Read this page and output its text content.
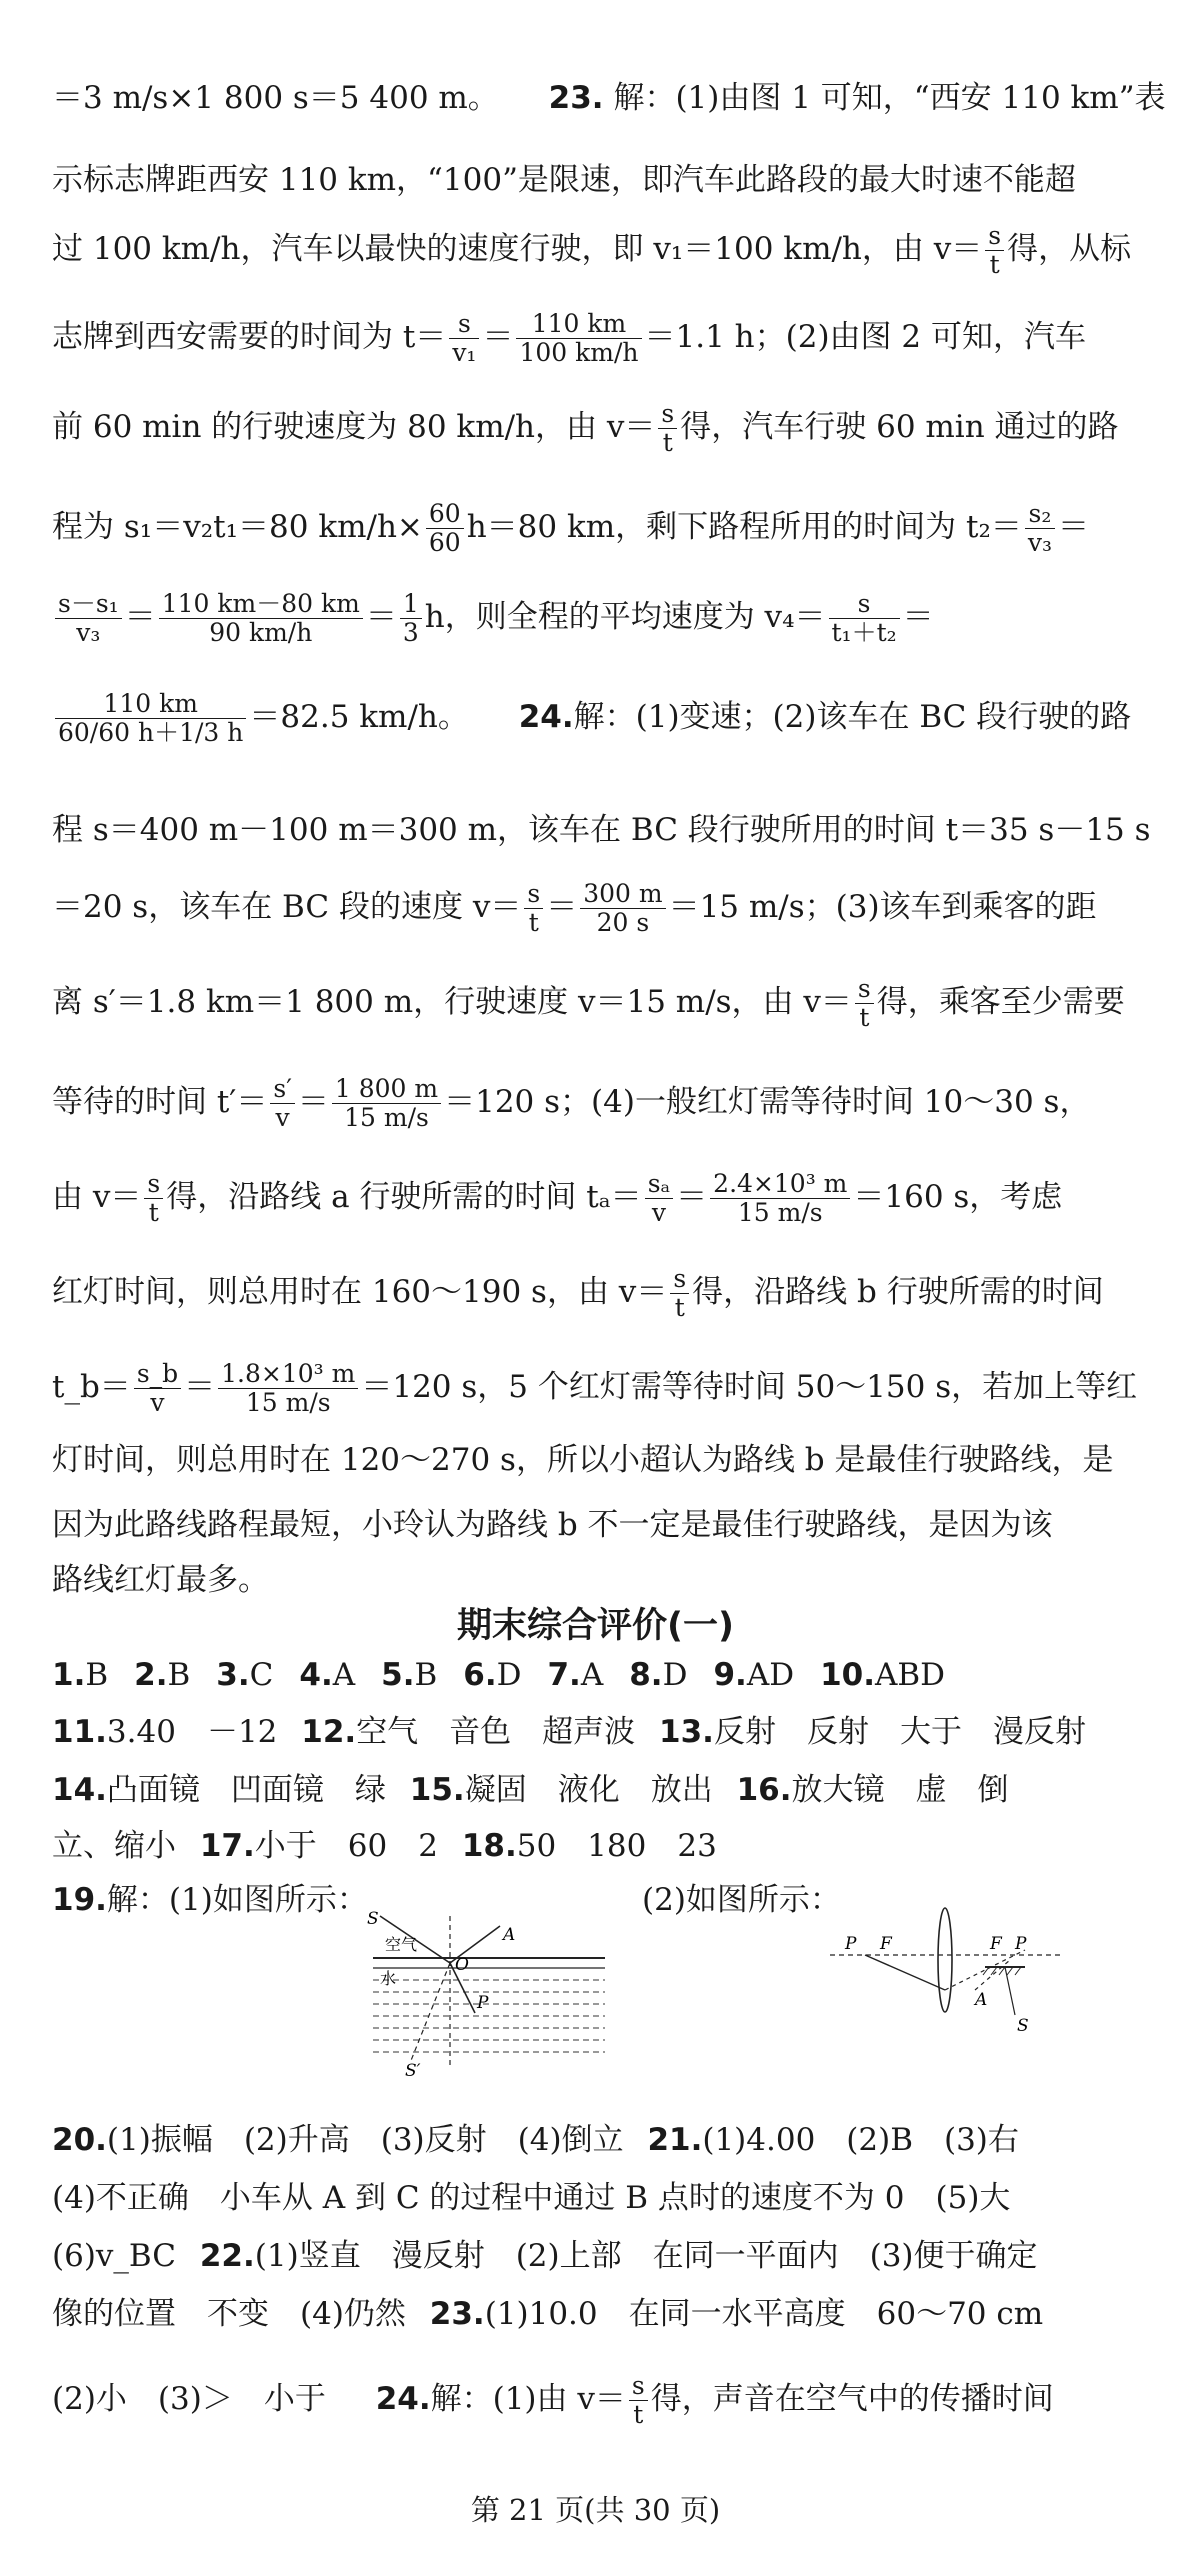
＝3 m/s×1 800 s＝5 400 m。 23. 解：(1)由图 1 可知，“西安 110 km”表
示标志牌距西安 110 km，“100”是限速，即汽车此路段的最大时速不能超
过 100 km/h，汽车以最快的速度行驶，即 v₁＝100 km/h，由 $v= \frac{s}{t}$ 得，从标
志牌到西安需要的时间为 $t= \frac{s}{\text{v₁}} = \frac{110 km}{100 km/h} =1.1$ h；(2)由图 2 可知，汽车
前 60 min 的行驶速度为 80 km/h，由 $v= \frac{s}{t}$ 得，汽车行驶 60 min 通过的路
程为 s₁＝v₂t₁＝80 $km/h\times \frac{60}{60} h=80$ km，剩下路程所用的时间为 $t_2= \frac{\text{s₂}}{\text{v₃}}$ ＝
$\frac{\text{s－s₁}}{\text{v₃}} = \frac{110 km-80 km}{90 km/h} = \frac{1}{3}$ h，则全程的平均速度为 $v_4= \frac{s}{\text{t₁＋t₂}}$ ＝
$\frac{110 km}{60/60 h+1/3 h} =82.5$ km/h。 24.解：(1)变速；(2)该车在 BC 段行驶的路
程 s＝400 m－100 m＝300 m，该车在 BC 段行驶所用的时间 t＝35 s－15 s
＝20 s，该车在 BC 段的速度 $v= \frac{s}{t} = \frac{300 m}{20 s} =15$ m/s；(3)该车到乘客的距
离 s′＝1.8 km＝1 800 m，行驶速度 v＝15 m/s，由 $v= \frac{s}{t}$ 得，乘客至少需要
等待的时间 $t'= \frac{s'}{v} = \frac{1 800 m}{15 m/s} =120$ s；(4)一般红灯需等待时间 10～30 s，
由 $v= \frac{s}{t}$ 得，沿路线 a 行驶所需的时间 $t_a= \frac{\text{sₐ}}{v} = \frac{\text{2.4×10³ m}}{15 m/s} =160$ s，考虑
红灯时间，则总用时在 160～190 s，由 $v= \frac{s}{t}$ 得，沿路线 b 行驶所需的时间
t_b＝ $\frac{s\_b}{v} = \frac{\text{1.8×10³ m}}{15 m/s} =120$ s，5 个红灯需等待时间 50～150 s，若加上等红
灯时间，则总用时在 120～270 s，所以小超认为路线 b 是最佳行驶路线，是
因为此路线路程最短，小玲认为路线 b 不一定是最佳行驶路线，是因为该
路线红灯最多。
期末综合评价(一)
1.B 2.B 3.C 4.A 5.B 6.D 7.A 8.D 9.AD 10.ABD
11.3.40　－12 12.空气　音色　超声波 13.反射　反射　大于　漫反射
14.凸面镜　凹面镜　绿 15.凝固　液化　放出 16.放大镜　虚　倒
立、缩小 17.小于　60　2 18.50　180　23
19.解：(1)如图所示：	(2)如图所示：
空气
水
S
A
O
P
S′
P F	F P
A
S
20.(1)振幅　(2)升高　(3)反射　(4)倒立 21.(1)4.00　(2)B　(3)右
(4)不正确　小车从 A 到 C 的过程中通过 B 点时的速度不为 0　(5)大
(6)v_BC 22.(1)竖直　漫反射　(2)上部　在同一平面内　(3)便于确定
像的位置　不变　(4)仍然 23.(1)10.0　在同一水平高度　60～70 cm
(2)小　(3)＞　小于 24.解：(1)由 $v= \frac{s}{t}$ 得，声音在空气中的传播时间
第 21 页(共 30 页)
